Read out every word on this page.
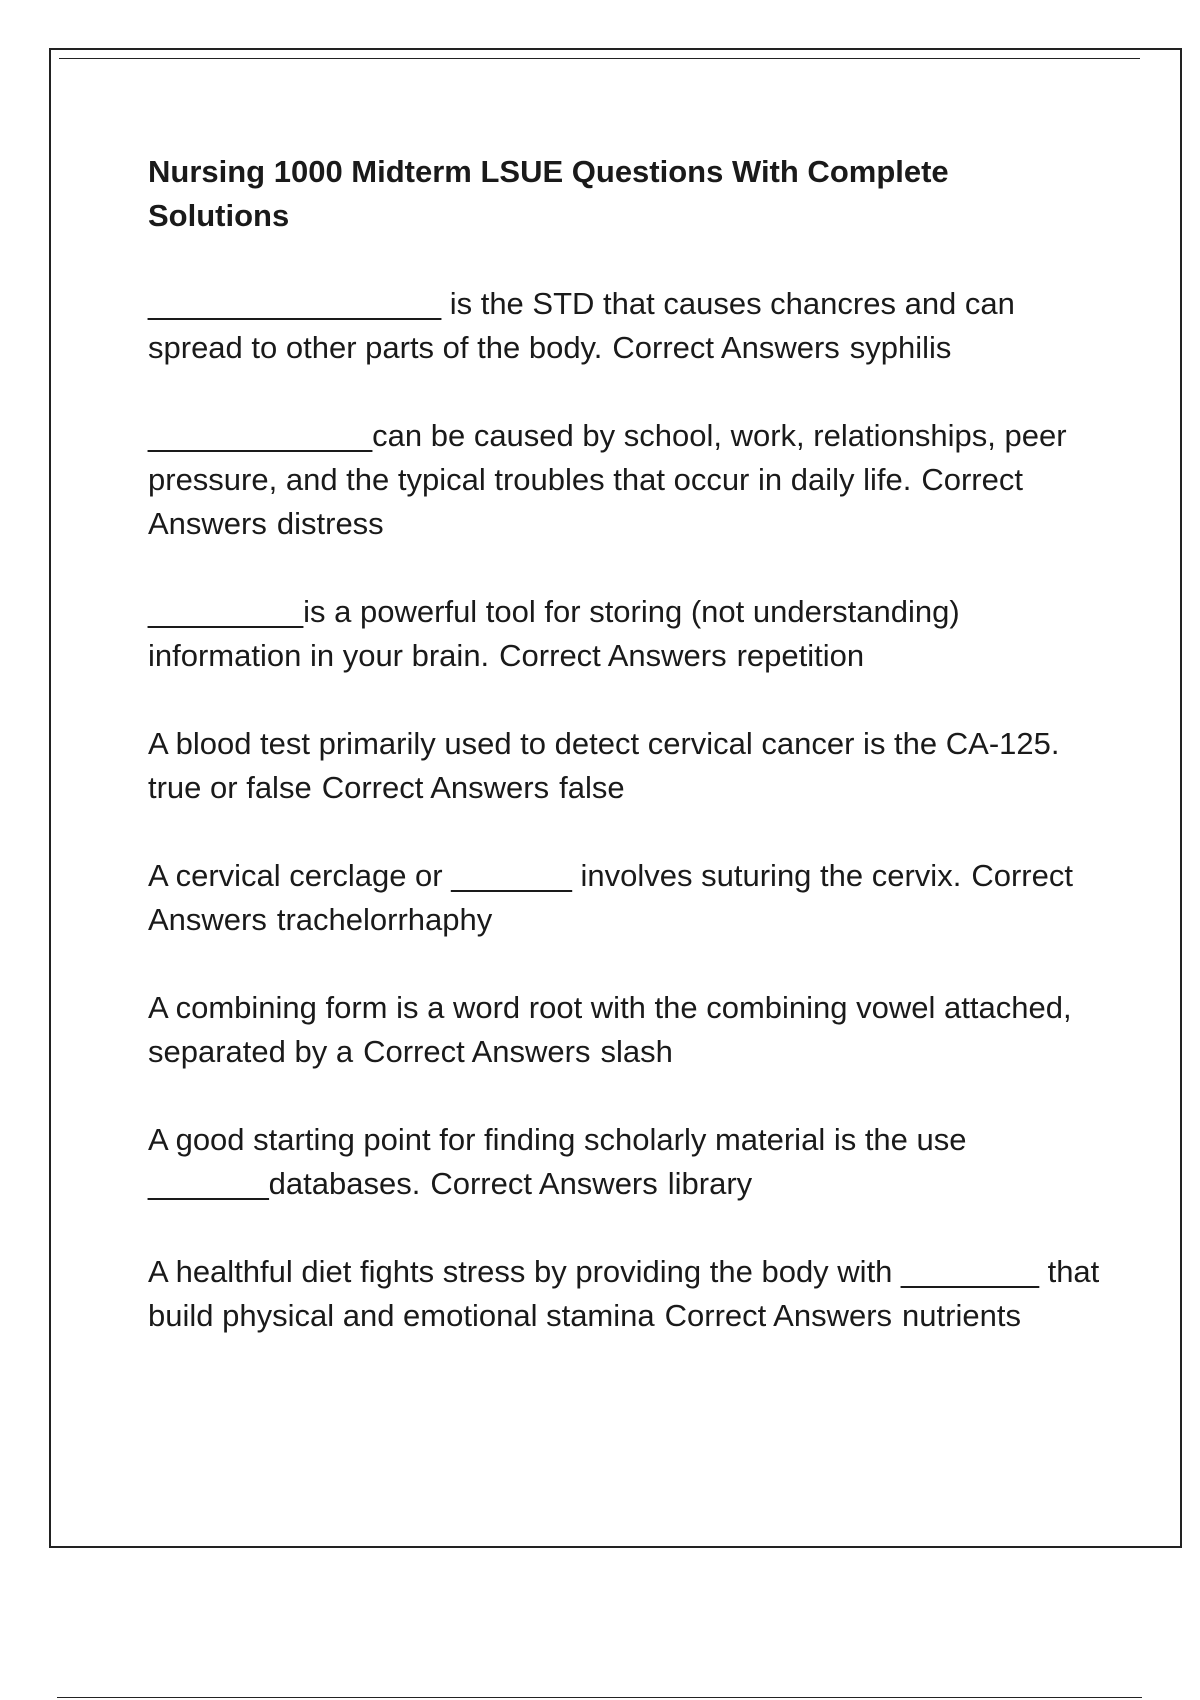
Nursing 1000 Midterm LSUE Questions With Complete Solutions
_________________ is the STD that causes chancres and can spread to other parts of the body. Correct Answers syphilis
_____________can be caused by school, work, relationships, peer pressure, and the typical troubles that occur in daily life. Correct Answers distress
_________is a powerful tool for storing (not understanding) information in your brain. Correct Answers repetition
A blood test primarily used to detect cervical cancer is the CA-125. true or false Correct Answers false
A cervical cerclage or _______ involves suturing the cervix. Correct Answers trachelorrhaphy
A combining form is a word root with the combining vowel attached, separated by a Correct Answers slash
A good starting point for finding scholarly material is the use _______databases. Correct Answers library
A healthful diet fights stress by providing the body with ________ that build physical and emotional stamina Correct Answers nutrients
